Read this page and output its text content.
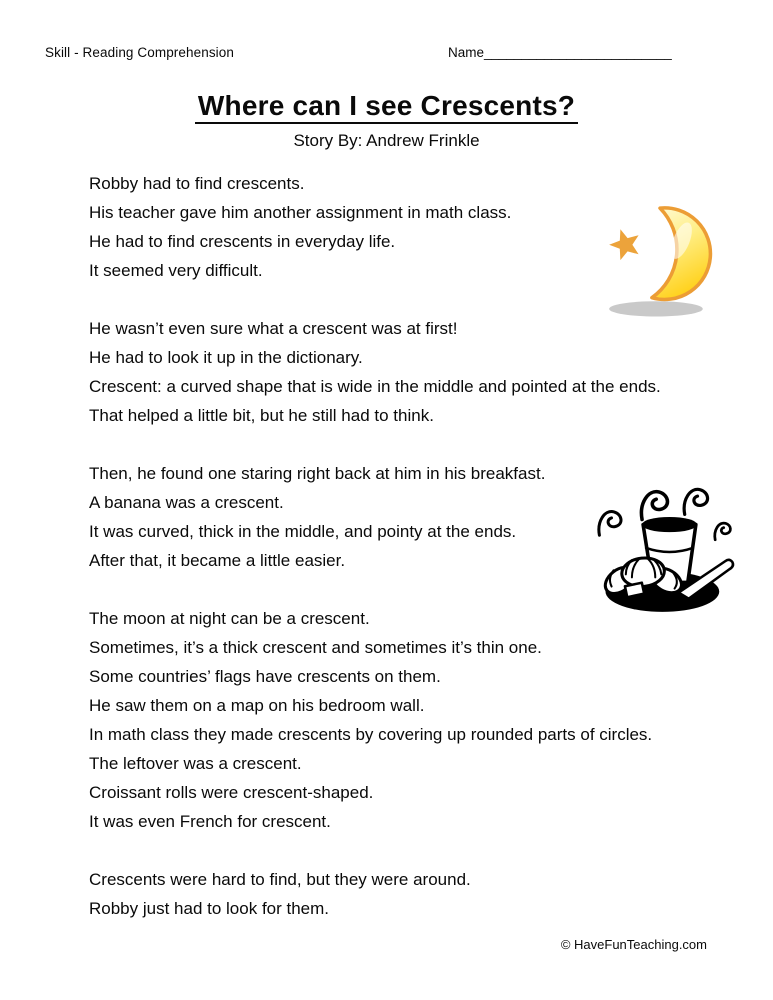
Skill - Reading Comprehension	Name_________________________
Where can I see Crescents?
Story By: Andrew Frinkle
Robby had to find crescents.
His teacher gave him another assignment in math class.
He had to find crescents in everyday life.
It seemed very difficult.
He wasn’t even sure what a crescent was at first!
He had to look it up in the dictionary.
Crescent: a curved shape that is wide in the middle and pointed at the ends.
That helped a little bit, but he still had to think.
Then, he found one staring right back at him in his breakfast.
A banana was a crescent.
It was curved, thick in the middle, and pointy at the ends.
After that, it became a little easier.
The moon at night can be a crescent.
Sometimes, it’s a thick crescent and sometimes it’s thin one.
Some countries’ flags have crescents on them.
He saw them on a map on his bedroom wall.
In math class they made crescents by covering up rounded parts of circles.
The leftover was a crescent.
Croissant rolls were crescent-shaped.
It was even French for crescent.
Crescents were hard to find, but they were around.
Robby just had to look for them.
© HaveFunTeaching.com
